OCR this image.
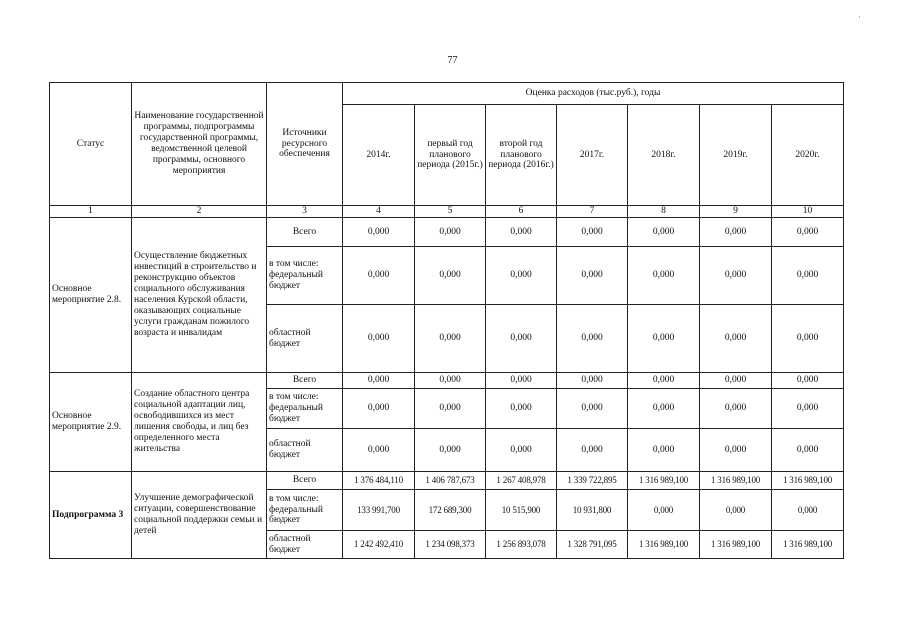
77
·
Статус	Наименование государственной программы, подпрограммы государственной программы, ведомственной целевой программы, основного мероприятия	Источники ресурсного обеспечения	Оценка расходов (тыс.руб.), годы						
			2014г.	первый год планового периода (2015г.)	второй год планового периода (2016г.)	2017г.	2018г.	2019г.	2020г.
1	2	3	4	5	6	7	8	9	10
Основное мероприятие 2.8.	Осуществление бюджетных инвестиций в строительство и реконструкцию объектов социального обслуживания населения Курской области, оказывающих социальные услуги гражданам пожилого возраста и инвалидам	Всего	0,000	0,000	0,000	0,000	0,000	0,000	0,000
		в том числе: федеральный бюджет	0,000	0,000	0,000	0,000	0,000	0,000	0,000
		областной бюджет	0,000	0,000	0,000	0,000	0,000	0,000	0,000
Основное мероприятие 2.9.	Создание областного центра социальной адаптации лиц, освободившихся из мест лишения свободы, и лиц без определенного места жительства	Всего	0,000	0,000	0,000	0,000	0,000	0,000	0,000
		в том числе: федеральный бюджет	0,000	0,000	0,000	0,000	0,000	0,000	0,000
		областной бюджет	0,000	0,000	0,000	0,000	0,000	0,000	0,000
Подпрограмма 3	Улучшение демографической ситуации, совершенствование социальной поддержки семьи и детей	Всего	1 376 484,110	1 406 787,673	1 267 408,978	1 339 722,895	1 316 989,100	1 316 989,100	1 316 989,100
		в том числе: федеральный бюджет	133 991,700	172 689,300	10 515,900	10 931,800	0,000	0,000	0,000
		областной бюджет	1 242 492,410	1 234 098,373	1 256 893,078	1 328 791,095	1 316 989,100	1 316 989,100	1 316 989,100
